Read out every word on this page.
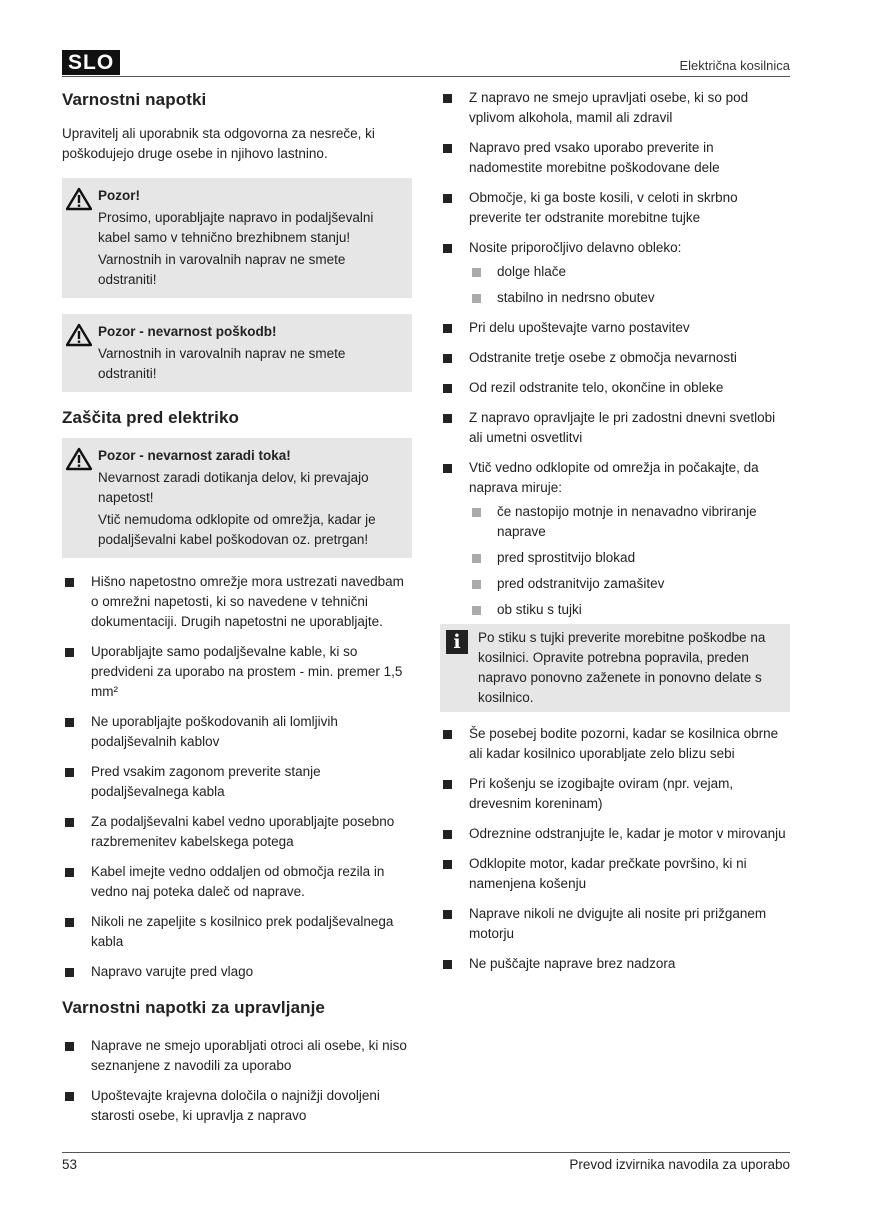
SLO	Električna kosilnica
Varnostni napotki

Upravitelj ali uporabnik sta odgovorna za nesreče, ki poškodujejo druge osebe in njihovo lastnino.

Pozor!
Prosimo, uporabljajte napravo in podaljševalni kabel samo v tehnično brezhibnem stanju!
Varnostnih in varovalnih naprav ne smete odstraniti!
Pozor - nevarnost poškodb!
Varnostnih in varovalnih naprav ne smete odstraniti!
Zaščita pred elektriko
Pozor - nevarnost zaradi toka!
Nevarnost zaradi dotikanja delov, ki prevajajo napetost!
Vtič nemudoma odklopite od omrežja, kadar je podaljševalni kabel poškodovan oz. pretrgan!
Hišno napetostno omrežje mora ustrezati navedbam o omrežni napetosti, ki so navedene v tehnični dokumentaciji. Drugih napetostni ne uporabljajte.
Uporabljajte samo podaljševalne kable, ki so predvideni za uporabo na prostem - min. premer 1,5 mm²
Ne uporabljajte poškodovanih ali lomljivih podaljševalnih kablov
Pred vsakim zagonom preverite stanje podaljševalnega kabla
Za podaljševalni kabel vedno uporabljajte posebno razbremenitev kabelskega potega
Kabel imejte vedno oddaljen od območja rezila in vedno naj poteka daleč od naprave.
Nikoli ne zapeljite s kosilnico prek podaljševalnega kabla
Napravo varujte pred vlago
Varnostni napotki za upravljanje
Naprave ne smejo uporabljati otroci ali osebe, ki niso seznanjene z navodili za uporabo
Upoštevajte krajevna določila o najnižji dovoljeni starosti osebe, ki upravlja z napravo
Z napravo ne smejo upravljati osebe, ki so pod vplivom alkohola, mamil ali zdravil
Napravo pred vsako uporabo preverite in nadomestite morebitne poškodovane dele
Območje, ki ga boste kosili, v celoti in skrbno preverite ter odstranite morebitne tujke
Nosite priporočljivo delavno obleko:
dolge hlače
stabilno in nedrsno obutev
Pri delu upoštevajte varno postavitev
Odstranite tretje osebe z območja nevarnosti
Od rezil odstranite telo, okončine in obleke
Z napravo opravljajte le pri zadostni dnevni svetlobi ali umetni osvetlitvi
Vtič vedno odklopite od omrežja in počakajte, da naprava miruje:
če nastopijo motnje in nenavadno vibriranje naprave
pred sprostitvijo blokad
pred odstranitvijo zamašitev
ob stiku s tujki
i	Po stiku s tujki preverite morebitne poškodbe na kosilnici. Opravite potrebna popravila, preden napravo ponovno zaženete in ponovno delate s kosilnico.
Še posebej bodite pozorni, kadar se kosilnica obrne ali kadar kosilnico uporabljate zelo blizu sebi
Pri košenju se izogibajte oviram (npr. vejam, drevesnim koreninam)
Odreznine odstranjujte le, kadar je motor v mirovanju
Odklopite motor, kadar prečkate površino, ki ni namenjena košenju
Naprave nikoli ne dvigujte ali nosite pri prižganem motorju
Ne puščajte naprave brez nadzora
53	Prevod izvirnika navodila za uporabo
